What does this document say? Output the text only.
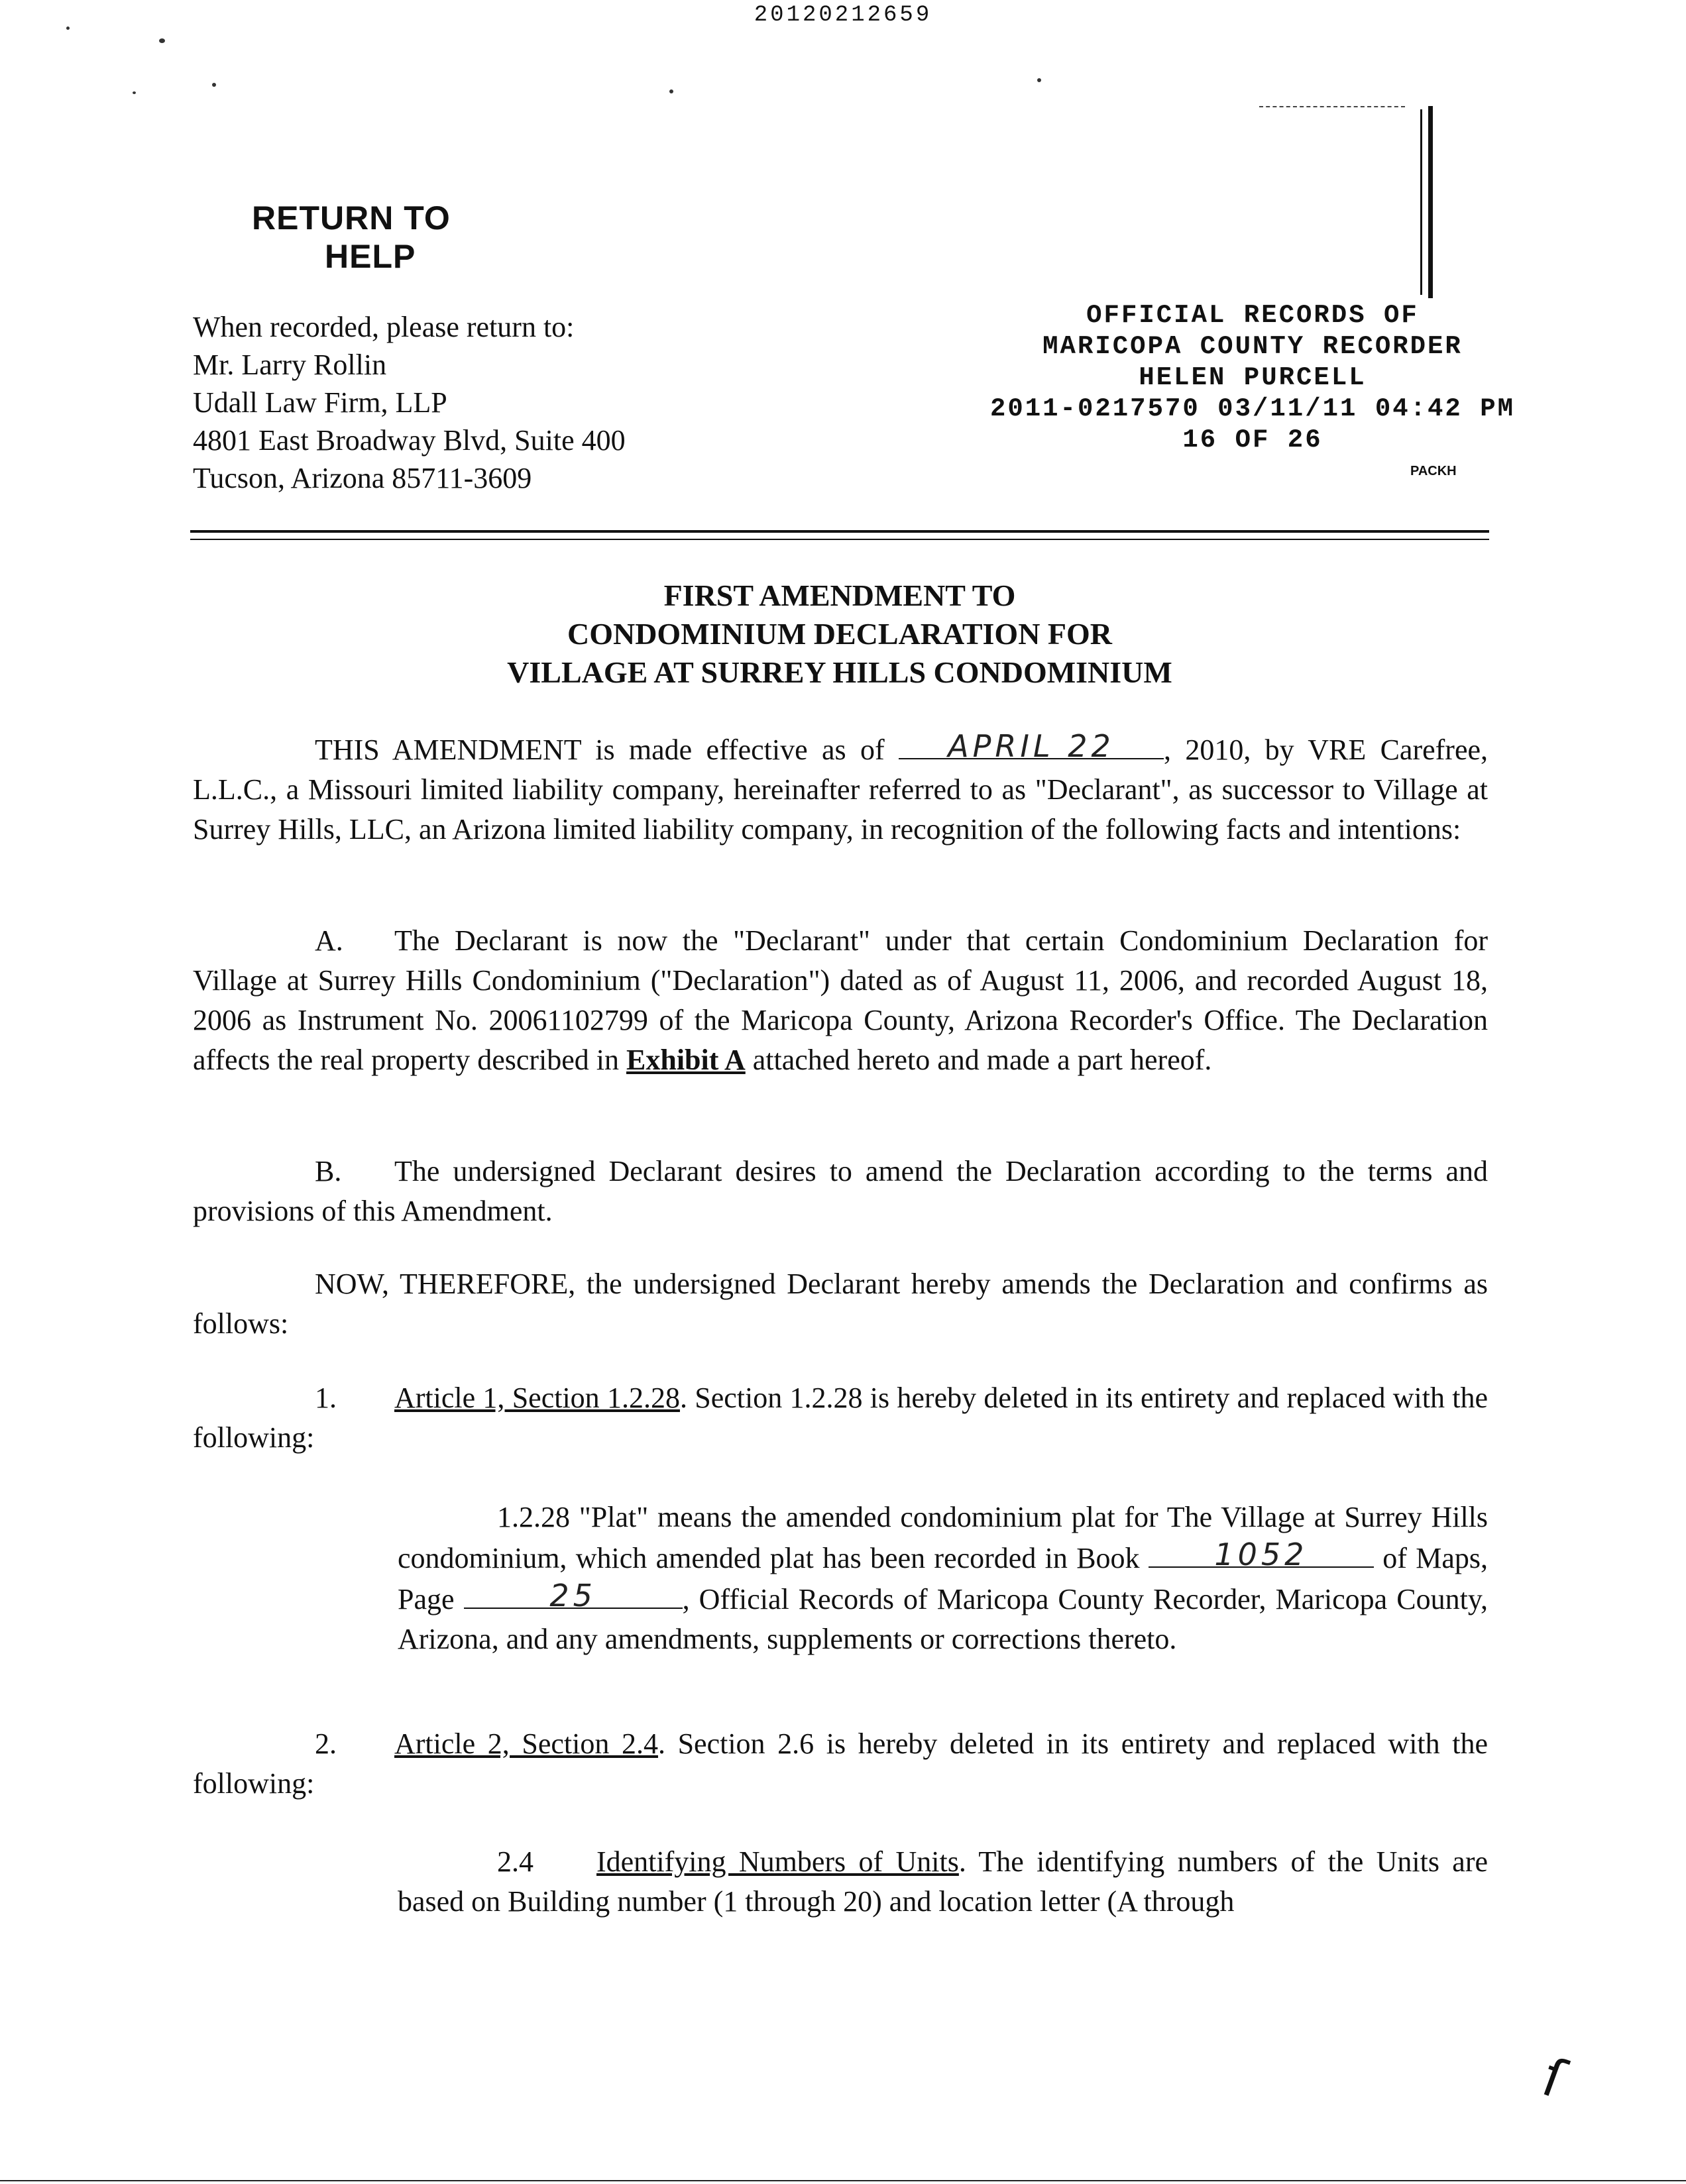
20120212659
RETURN TO
HELP
When recorded, please return to:
Mr. Larry Rollin
Udall Law Firm, LLP
4801 East Broadway Blvd, Suite 400
Tucson, Arizona 85711-3609
OFFICIAL RECORDS OF
MARICOPA COUNTY RECORDER
HELEN PURCELL
2011-0217570 03/11/11 04:42 PM
16 OF 26
PACKH
FIRST AMENDMENT TO
CONDOMINIUM DECLARATION FOR
VILLAGE AT SURREY HILLS CONDOMINIUM
THIS AMENDMENT is made effective as of APRIL 22 , 2010, by VRE Carefree, L.L.C., a Missouri limited liability company, hereinafter referred to as "Declarant", as successor to Village at Surrey Hills, LLC, an Arizona limited liability company, in recognition of the following facts and intentions:
A. The Declarant is now the "Declarant" under that certain Condominium Declaration for Village at Surrey Hills Condominium ("Declaration") dated as of August 11, 2006, and recorded August 18, 2006 as Instrument No. 20061102799 of the Maricopa County, Arizona Recorder's Office. The Declaration affects the real property described in Exhibit A attached hereto and made a part hereof.
B. The undersigned Declarant desires to amend the Declaration according to the terms and provisions of this Amendment.
NOW, THEREFORE, the undersigned Declarant hereby amends the Declaration and confirms as follows:
1. Article 1, Section 1.2.28. Section 1.2.28 is hereby deleted in its entirety and replaced with the following:
1.2.28 "Plat" means the amended condominium plat for The Village at Surrey Hills condominium, which amended plat has been recorded in Book 1052	of Maps, Page	25	, Official Records of Maricopa County Recorder, Maricopa County, Arizona, and any amendments, supplements or corrections thereto.
2. Article 2, Section 2.4. Section 2.6 is hereby deleted in its entirety and replaced with the following:
2.4 Identifying Numbers of Units. The identifying numbers of the Units are based on Building number (1 through 20) and location letter (A through
ſ
